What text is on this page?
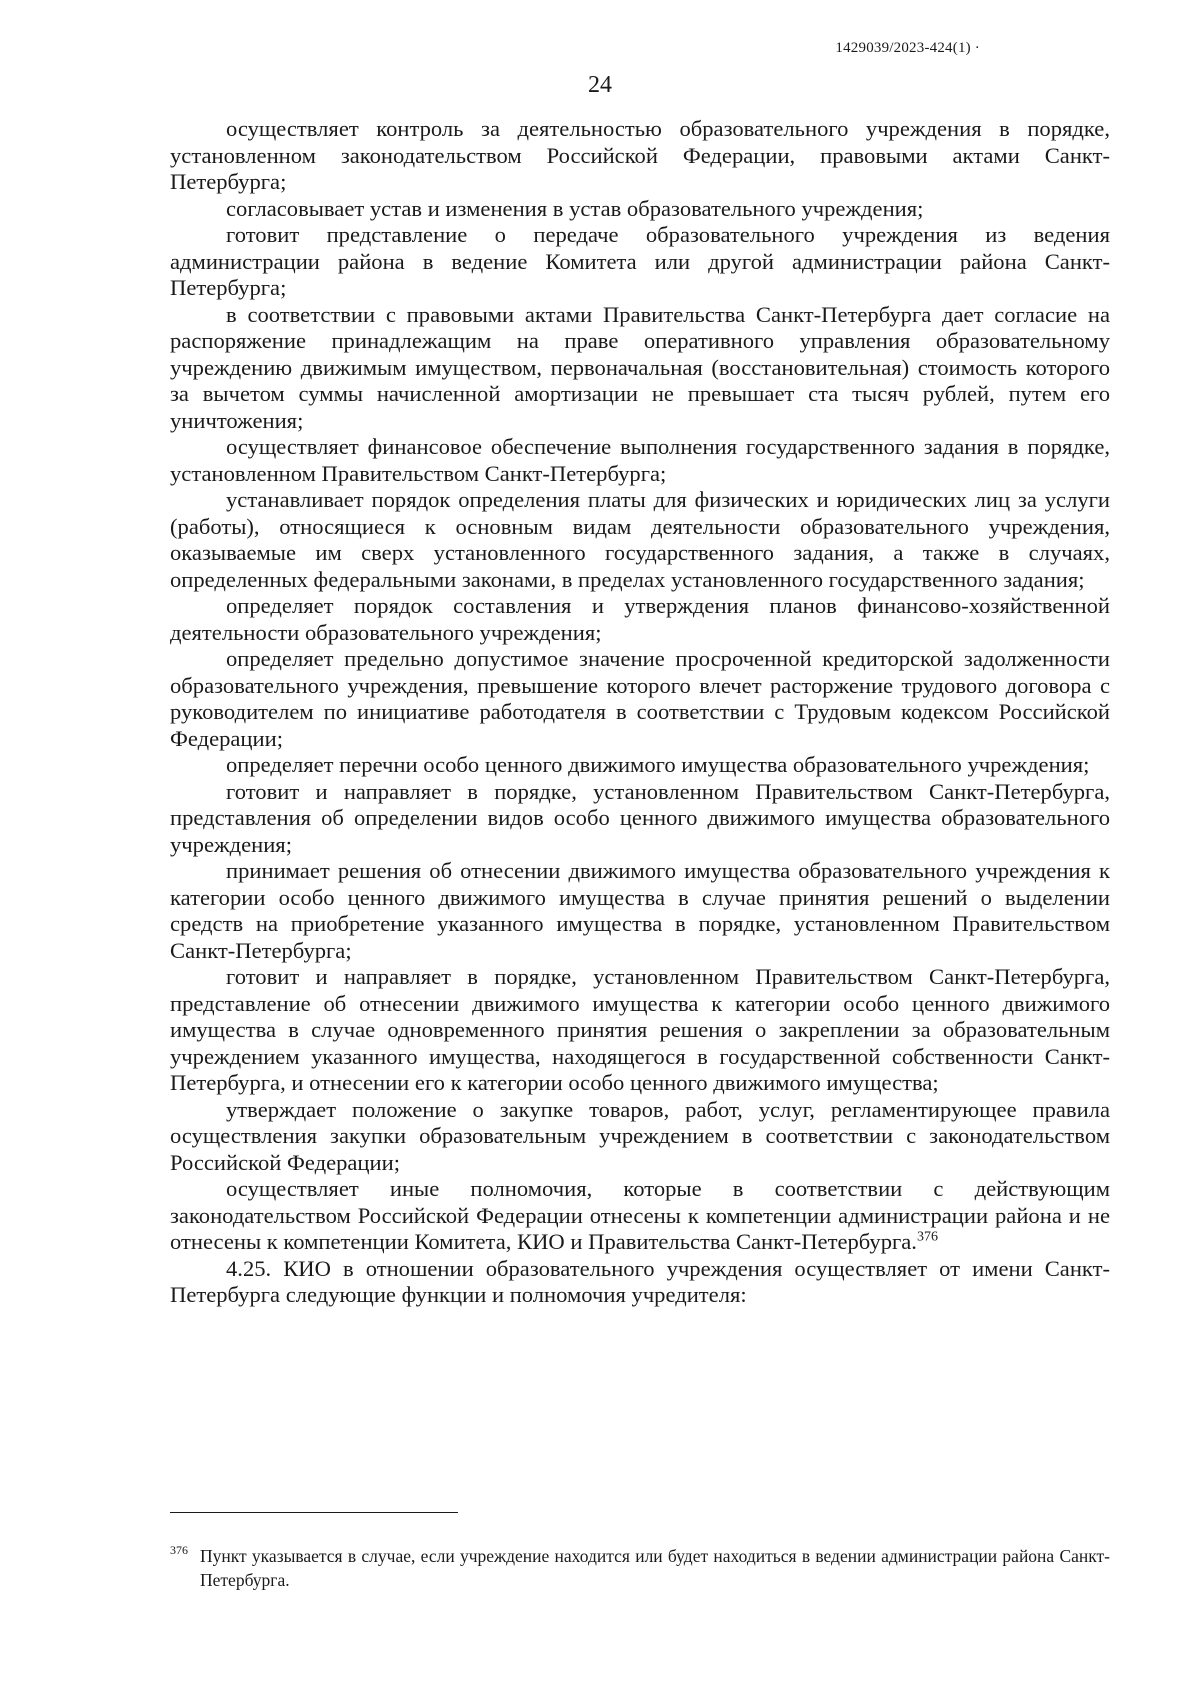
1429039/2023-424(1) ·
24

осуществляет контроль за деятельностью образовательного учреждения в порядке, установленном законодательством Российской Федерации, правовыми актами Санкт-Петербурга;

согласовывает устав и изменения в устав образовательного учреждения;

готовит представление о передаче образовательного учреждения из ведения администрации района в ведение Комитета или другой администрации района Санкт-Петербурга;

в соответствии с правовыми актами Правительства Санкт-Петербурга дает согласие на распоряжение принадлежащим на праве оперативного управления образовательному учреждению движимым имуществом, первоначальная (восстановительная) стоимость которого за вычетом суммы начисленной амортизации не превышает ста тысяч рублей, путем его уничтожения;

осуществляет финансовое обеспечение выполнения государственного задания в порядке, установленном Правительством Санкт-Петербурга;

устанавливает порядок определения платы для физических и юридических лиц за услуги (работы), относящиеся к основным видам деятельности образовательного учреждения, оказываемые им сверх установленного государственного задания, а также в случаях, определенных федеральными законами, в пределах установленного государственного задания;

определяет порядок составления и утверждения планов финансово-хозяйственной деятельности образовательного учреждения;

определяет предельно допустимое значение просроченной кредиторской задолженности образовательного учреждения, превышение которого влечет расторжение трудового договора с руководителем по инициативе работодателя в соответствии с Трудовым кодексом Российской Федерации;

определяет перечни особо ценного движимого имущества образовательного учреждения;

готовит и направляет в порядке, установленном Правительством Санкт-Петербурга, представления об определении видов особо ценного движимого имущества образовательного учреждения;

принимает решения об отнесении движимого имущества образовательного учреждения к категории особо ценного движимого имущества в случае принятия решений о выделении средств на приобретение указанного имущества в порядке, установленном Правительством Санкт-Петербурга;

готовит и направляет в порядке, установленном Правительством Санкт-Петербурга, представление об отнесении движимого имущества к категории особо ценного движимого имущества в случае одновременного принятия решения о закреплении за образовательным учреждением указанного имущества, находящегося в государственной собственности Санкт-Петербурга, и отнесении его к категории особо ценного движимого имущества;

утверждает положение о закупке товаров, работ, услуг, регламентирующее правила осуществления закупки образовательным учреждением в соответствии с законодательством Российской Федерации;

осуществляет иные полномочия, которые в соответствии с действующим законодательством Российской Федерации отнесены к компетенции администрации района и не отнесены к компетенции Комитета, КИО и Правительства Санкт-Петербурга.$^{376}$

4.25. КИО в отношении образовательного учреждения осуществляет от имени Санкт-Петербурга следующие функции и полномочия учредителя:

376 Пункт указывается в случае, если учреждение находится или будет находиться в ведении администрации района Санкт-Петербурга.
